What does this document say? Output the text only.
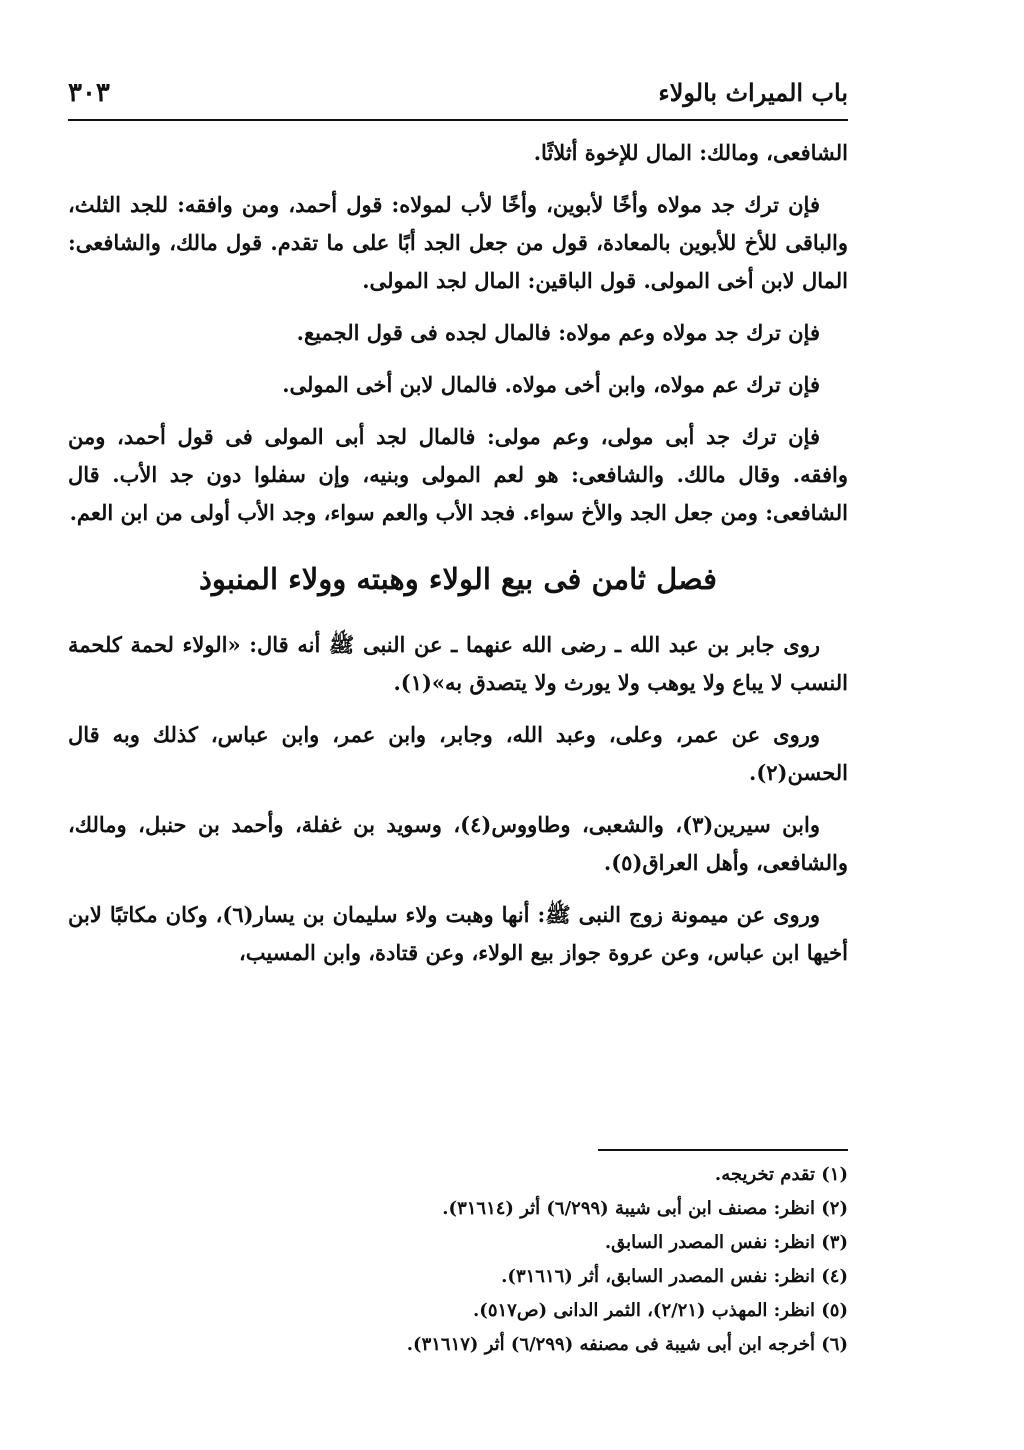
باب الميراث بالولاء
٣٠٣

الشافعى، ومالك: المال للإخوة أثلاثًا.

فإن ترك جد مولاه وأخًا لأبوين، وأخًا لأب لمولاه: قول أحمد، ومن وافقه: للجد الثلث، والباقى للأخ للأبوين بالمعادة، قول من جعل الجد أبًا على ما تقدم. قول مالك، والشافعى: المال لابن أخى المولى. قول الباقين: المال لجد المولى.

فإن ترك جد مولاه وعم مولاه: فالمال لجده فى قول الجميع.

فإن ترك عم مولاه، وابن أخى مولاه. فالمال لابن أخى المولى.

فإن ترك جد أبى مولى، وعم مولى: فالمال لجد أبى المولى فى قول أحمد، ومن وافقه. وقال مالك. والشافعى: هو لعم المولى وبنيه، وإن سفلوا دون جد الأب. قال الشافعى: ومن جعل الجد والأخ سواء. فجد الأب والعم سواء، وجد الأب أولى من ابن العم.

فصل ثامن فى بيع الولاء وهبته وولاء المنبوذ

روى جابر بن عبد الله ـ رضى الله عنهما ـ عن النبى ﷺ أنه قال: «الولاء لحمة كلحمة النسب لا يباع ولا يوهب ولا يورث ولا يتصدق به»(١).

وروى عن عمر، وعلى، وعبد الله، وجابر، وابن عمر، وابن عباس، كذلك وبه قال الحسن(٢).

وابن سيرين(٣)، والشعبى، وطاووس(٤)، وسويد بن غفلة، وأحمد بن حنبل، ومالك، والشافعى، وأهل العراق(٥).

وروى عن ميمونة زوج النبى ﷺ: أنها وهبت ولاء سليمان بن يسار(٦)، وكان مكاتبًا لابن أخيها ابن عباس، وعن عروة جواز بيع الولاء، وعن قتادة، وابن المسيب،

(١) تقدم تخريجه.

(٢) انظر: مصنف ابن أبى شيبة (٦/٢٩٩) أثر (٣١٦١٤).

(٣) انظر: نفس المصدر السابق.

(٤) انظر: نفس المصدر السابق، أثر (٣١٦١٦).

(٥) انظر: المهذب (٢/٢١)، الثمر الدانى (ص٥١٧).

(٦) أخرجه ابن أبى شيبة فى مصنفه (٦/٢٩٩) أثر (٣١٦١٧).
